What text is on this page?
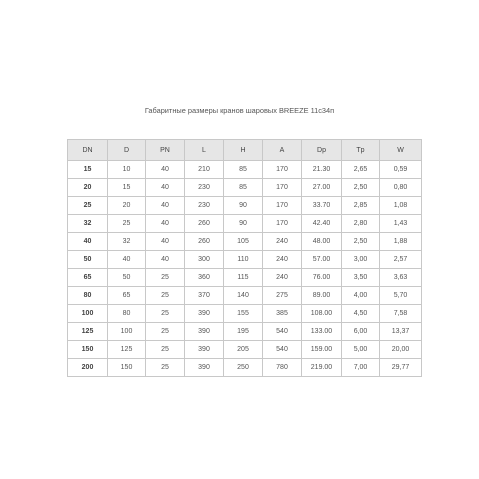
Габаритные размеры кранов шаровых BREEZE 11с34п
DN	D	PN	L	H	A	Dp	Tp	W
15	10	40	210	85	170	21.30	2,65	0,59
20	15	40	230	85	170	27.00	2,50	0,80
25	20	40	230	90	170	33.70	2,85	1,08
32	25	40	260	90	170	42.40	2,80	1,43
40	32	40	260	105	240	48.00	2,50	1,88
50	40	40	300	110	240	57.00	3,00	2,57
65	50	25	360	115	240	76.00	3,50	3,63
80	65	25	370	140	275	89.00	4,00	5,70
100	80	25	390	155	385	108.00	4,50	7,58
125	100	25	390	195	540	133.00	6,00	13,37
150	125	25	390	205	540	159.00	5,00	20,00
200	150	25	390	250	780	219.00	7,00	29,77
